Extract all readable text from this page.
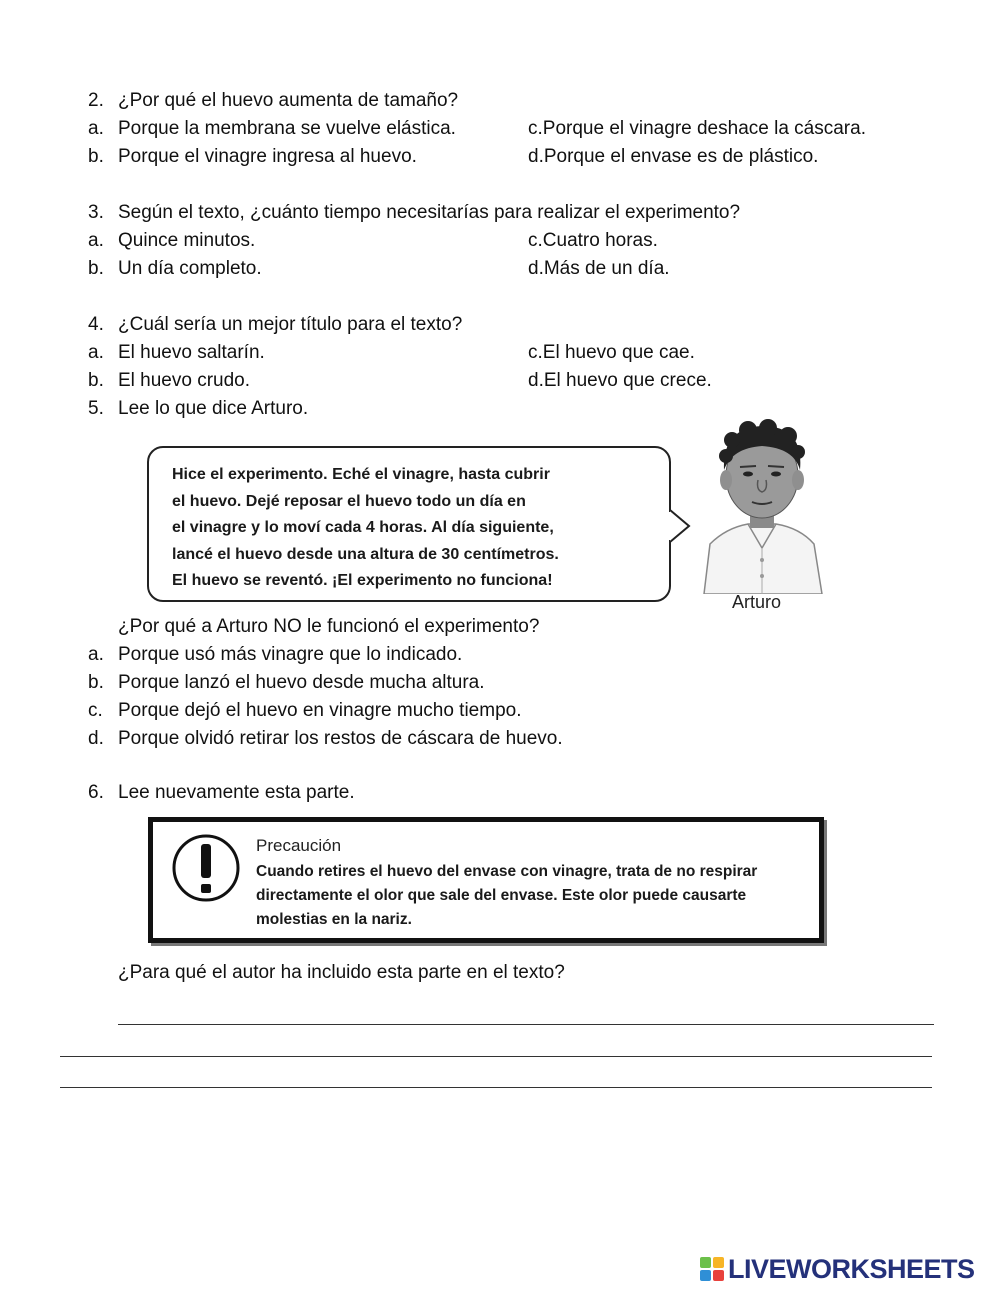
2. ¿Por qué el huevo aumenta de tamaño?
a. Porque la membrana se vuelve elástica.	c.Porque el vinagre deshace la cáscara.
b. Porque el vinagre ingresa al huevo.	d.Porque el envase es de plástico.
3. Según el texto, ¿cuánto tiempo necesitarías para realizar el experimento?
a. Quince minutos.	c.Cuatro horas.
b. Un día completo.	d.Más de un día.
4. ¿Cuál sería un mejor título para el texto?
a. El huevo saltarín.	c.El huevo que cae.
b. El huevo crudo.	d.El huevo que crece.
5. Lee lo que dice Arturo.
Hice el experimento. Eché el vinagre, hasta cubrir
el huevo. Dejé reposar el huevo todo un día en
el vinagre y lo moví cada 4 horas. Al día siguiente,
lancé el huevo desde una altura de 30 centímetros.
El huevo se reventó. ¡El experimento no funciona!
Arturo
¿Por qué a Arturo NO le funcionó el experimento?
a. Porque usó más vinagre que lo indicado.
b. Porque lanzó el huevo desde mucha altura.
c. Porque dejó el huevo en vinagre mucho tiempo.
d. Porque olvidó retirar los restos de cáscara de huevo.
6. Lee nuevamente esta parte.
Precaución
Cuando retires el huevo del envase con vinagre, trata de no respirar directamente el olor que sale del envase. Este olor puede causarte molestias en la nariz.
¿Para qué el autor ha incluido esta parte en el texto?
LIVEWORKSHEETS
